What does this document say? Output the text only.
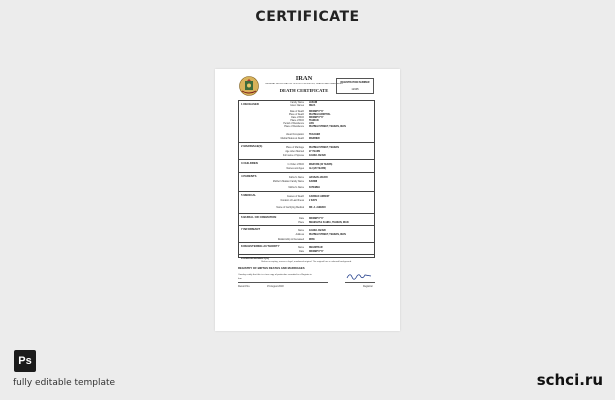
CERTIFICATE
IRAN
GENERAL REGISTRATION OFFICE FOR BIRTHS, DEATHS AND MARRIAGES
DEATH CERTIFICATE
REGISTRATION NUMBER
12345
1 DECEASED	Family Name JAFARI
Given Names REZA
Date of Death DD/MM/YYYY
Place of Death RUZBEH HOSPITAL
Date of Birth DD/MM/YYYY
Place of Birth TEHRAN
Period of Residence LIFE
Place of Residence RUZBEH STREET, TEHRAN, IRAN
Usual Occupation TEACHER
Marital Status at Death MARRIED
2 MARRIAGE(S)	Place of Marriage RUZBEH STREET, TEHRAN
Age when Married 27 YEARS
Full name of Spouse ZAHRA JAFARI
3 CHILDREN	In Order of Birth MARYAM (32 YEARS)
Names and Ages ALI (28 YEARS)
4 PARENTS	Father's Name HASSAN JAFARI
Mother's Maiden Family Name KARIMI
Mother's Name FATEMEH
5 MEDICAL	Causes of Death CARDIAC ARREST
Duration of Last Illness 2 DAYS
Name of Certifying Medical DR. A. AHMADI
6 BURIAL OR CREMATION	Date DD/MM/YYYY
Place BEHESHT-E ZAHRA, TEHRAN, IRAN
7 INFORMANT	Name ZAHRA JAFARI
Address RUZBEH STREET, TEHRAN, IRAN
Relationship to Deceased WIFE
8 REGISTERING AUTHORITY	Name REGISTRAR
Date DD/MM/YYYY
9 ENDORSEMENT(S)
Before accepting, ensure a legal, numbered original. The original has a coloured background.
REGISTRY OF BIRTHS DEATHS AND MARRIAGES
I hereby certify that this is a true copy of particulars recorded in a Register in
Iran
Record No.	15 August 2018	Registrar
Ps
fully editable template	schci.ru
